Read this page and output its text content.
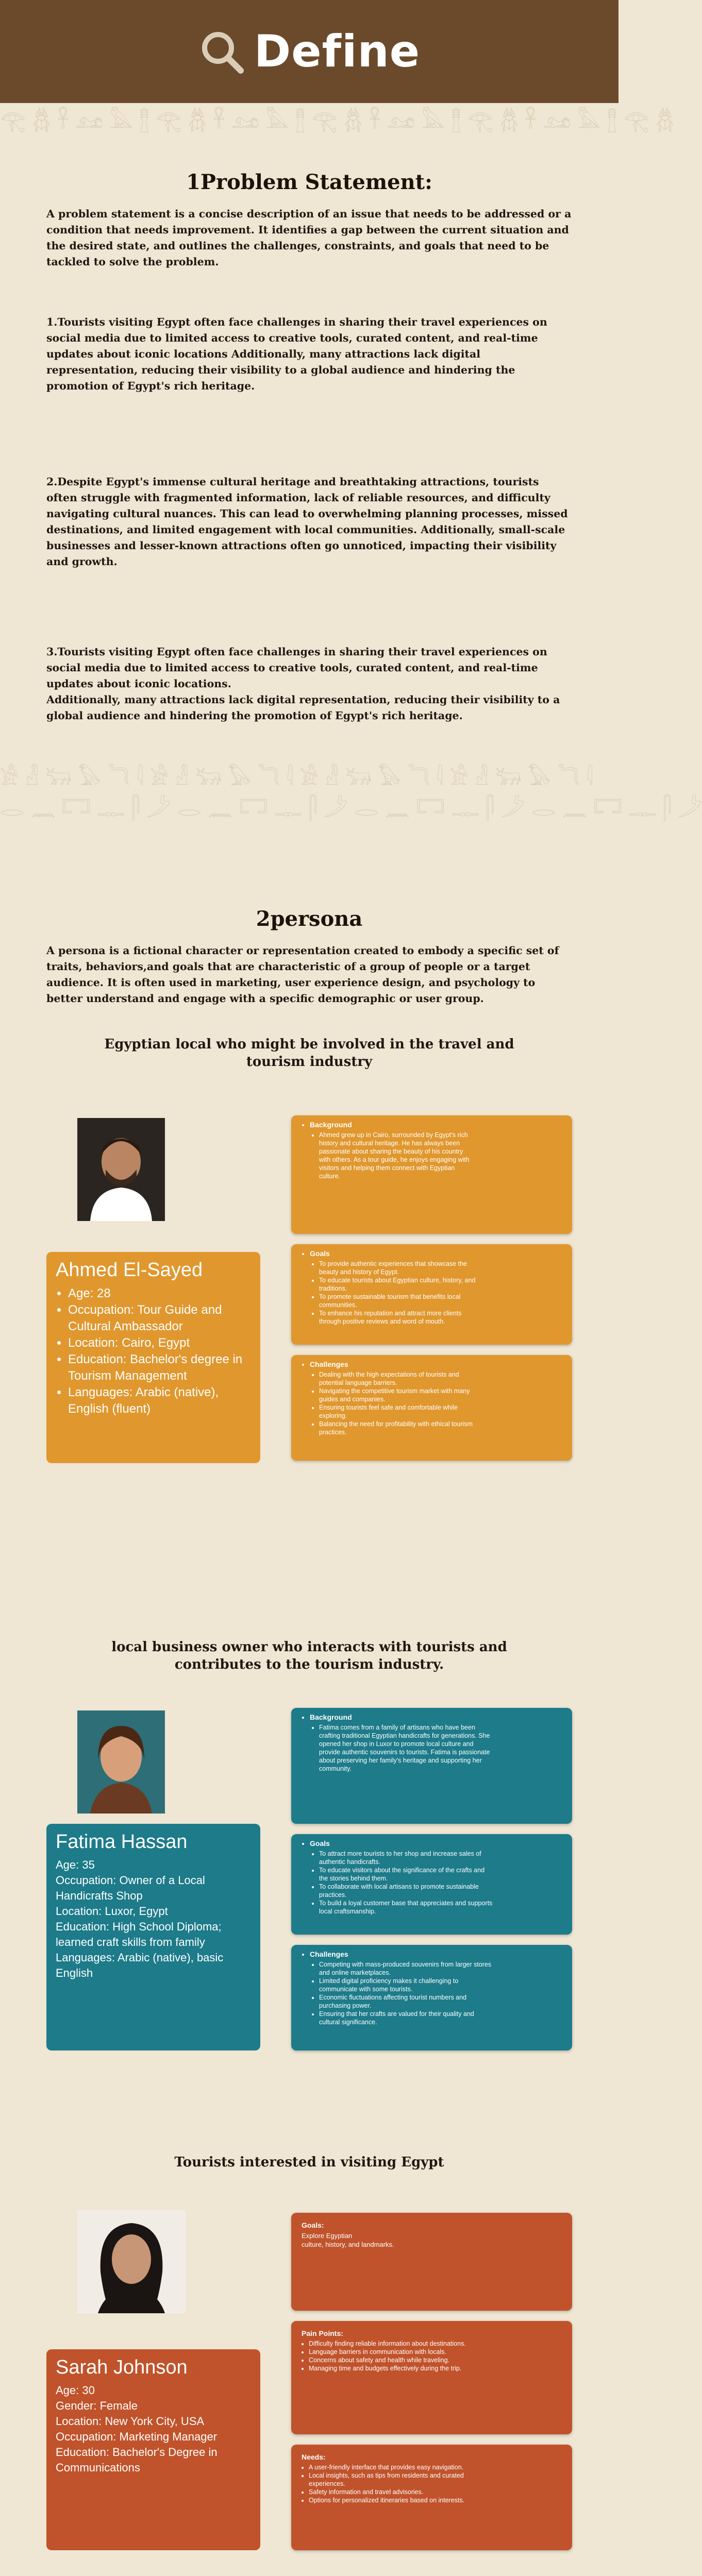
Define
𓂀 𓆣 𓋹 𓃭 𓅓 𓊽 𓂀 𓆣 𓋹 𓃭 𓅓 𓊽 𓂀 𓆣 𓋹 𓃭 𓅓 𓊽 𓂀 𓆣 𓋹 𓃭 𓅓 𓊽 𓂀 𓆣
1Problem Statement:
A problem statement is a concise description of an issue that needs to be addressed or a condition that needs improvement. It identifies a gap between the current situation and the desired state, and outlines the challenges, constraints, and goals that need to be tackled to solve the problem.
1.Tourists visiting Egypt often face challenges in sharing their travel experiences on social media due to limited access to creative tools, curated content, and real-time updates about iconic locations Additionally, many attractions lack digital representation, reducing their visibility to a global audience and hindering the promotion of Egypt's rich heritage.
2.Despite Egypt's immense cultural heritage and breathtaking attractions, tourists often struggle with fragmented information, lack of reliable resources, and difficulty navigating cultural nuances. This can lead to overwhelming planning processes, missed destinations, and limited engagement with local communities. Additionally, small-scale businesses and lesser-known attractions often go unnoticed, impacting their visibility and growth.
3.Tourists visiting Egypt often face challenges in sharing their travel experiences on social media due to limited access to creative tools, curated content, and real-time updates about iconic locations.
Additionally, many attractions lack digital representation, reducing their visibility to a global audience and hindering the promotion of Egypt's rich heritage.
𓀀 𓁐 𓃒 𓅃 𓆓 𓇋 𓀀 𓁐 𓃒 𓅃 𓆓 𓇋 𓀀 𓁐 𓃒 𓅃 𓆓 𓇋 𓀀 𓁐 𓃒 𓅃 𓆓 𓇋
𓂋 𓈖 𓉐 𓊃 𓋴 𓌳 𓂋 𓈖 𓉐 𓊃 𓋴 𓌳 𓂋 𓈖 𓉐 𓊃 𓋴 𓌳 𓂋 𓈖 𓉐 𓊃 𓋴 𓌳
2persona
A persona is a fictional character or representation created to embody a specific set of traits, behaviors,and goals that are characteristic of a group of people or a target audience. It is often used in marketing, user experience design, and psychology to better understand and engage with a specific demographic or user group.
Egyptian local who might be involved in the travel and tourism industry
Ahmed El-Sayed
• Age: 28
• Occupation: Tour Guide and Cultural Ambassador
• Location: Cairo, Egypt
• Education: Bachelor's degree in Tourism Management
• Languages: Arabic (native), English (fluent)
• Background
• Ahmed grew up in Cairo, surrounded by Egypt's rich history and cultural heritage. He has always been passionate about sharing the beauty of his country with others. As a tour guide, he enjoys engaging with visitors and helping them connect with Egyptian culture.
• Goals
• To provide authentic experiences that showcase the beauty and history of Egypt.
• To educate tourists about Egyptian culture, history, and traditions.
• To promote sustainable tourism that benefits local communities.
• To enhance his reputation and attract more clients through positive reviews and word of mouth.
• Challenges
• Dealing with the high expectations of tourists and potential language barriers.
• Navigating the competitive tourism market with many guides and companies.
• Ensuring tourists feel safe and comfortable while exploring.
• Balancing the need for profitability with ethical tourism practices.
local business owner who interacts with tourists and contributes to the tourism industry.
Fatima Hassan
Age: 35
Occupation: Owner of a Local Handicrafts Shop
Location: Luxor, Egypt
Education: High School Diploma; learned craft skills from family
Languages: Arabic (native), basic English
• Background
• Fatima comes from a family of artisans who have been crafting traditional Egyptian handicrafts for generations. She opened her shop in Luxor to promote local culture and provide authentic souvenirs to tourists. Fatima is passionate about preserving her family's heritage and supporting her community.
• Goals
• To attract more tourists to her shop and increase sales of authentic handicrafts.
• To educate visitors about the significance of the crafts and the stories behind them.
• To collaborate with local artisans to promote sustainable practices.
• To build a loyal customer base that appreciates and supports local craftsmanship.
• Challenges
• Competing with mass-produced souvenirs from larger stores and online marketplaces.
• Limited digital proficiency makes it challenging to communicate with some tourists.
• Economic fluctuations affecting tourist numbers and purchasing power.
• Ensuring that her crafts are valued for their quality and cultural significance.
Tourists interested in visiting Egypt
Sarah Johnson
Age: 30
Gender: Female
Location: New York City, USA
Occupation: Marketing Manager
Education: Bachelor's Degree in Communications
Goals:
Explore Egyptian
culture, history, and landmarks.
Pain Points:
• Difficulty finding reliable information about destinations.
• Language barriers in communication with locals.
• Concerns about safety and health while traveling.
• Managing time and budgets effectively during the trip.
Needs:
• A user-friendly interface that provides easy navigation.
• Local insights, such as tips from residents and curated experiences.
• Safety information and travel advisories.
• Options for personalized itineraries based on interests.
